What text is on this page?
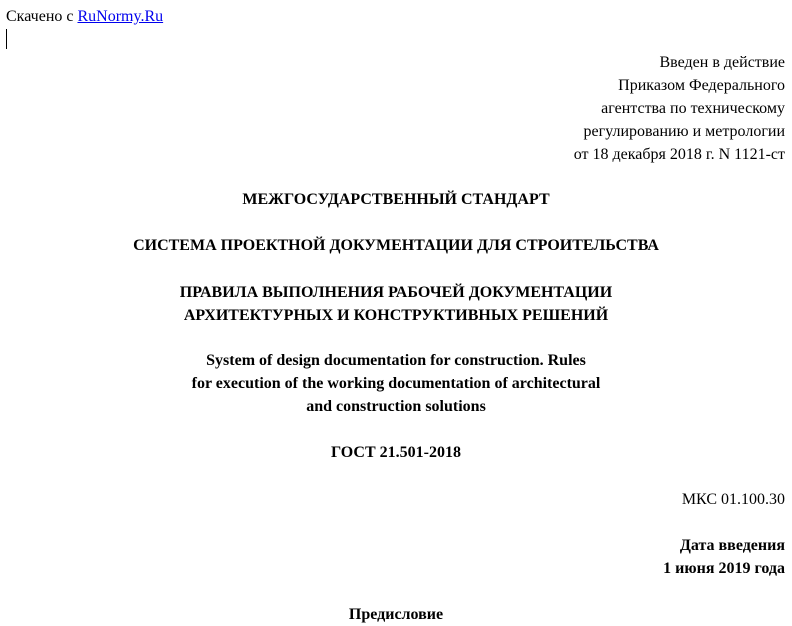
Скачено с RuNormy.Ru
Введен в действие
Приказом Федерального
агентства по техническому
регулированию и метрологии
от 18 декабря 2018 г. N 1121-ст
МЕЖГОСУДАРСТВЕННЫЙ СТАНДАРТ
СИСТЕМА ПРОЕКТНОЙ ДОКУМЕНТАЦИИ ДЛЯ СТРОИТЕЛЬСТВА
ПРАВИЛА ВЫПОЛНЕНИЯ РАБОЧЕЙ ДОКУМЕНТАЦИИ
АРХИТЕКТУРНЫХ И КОНСТРУКТИВНЫХ РЕШЕНИЙ
System of design documentation for construction. Rules
for execution of the working documentation of architectural
and construction solutions
ГОСТ 21.501-2018
МКС 01.100.30
Дата введения
1 июня 2019 года
Предисловие
